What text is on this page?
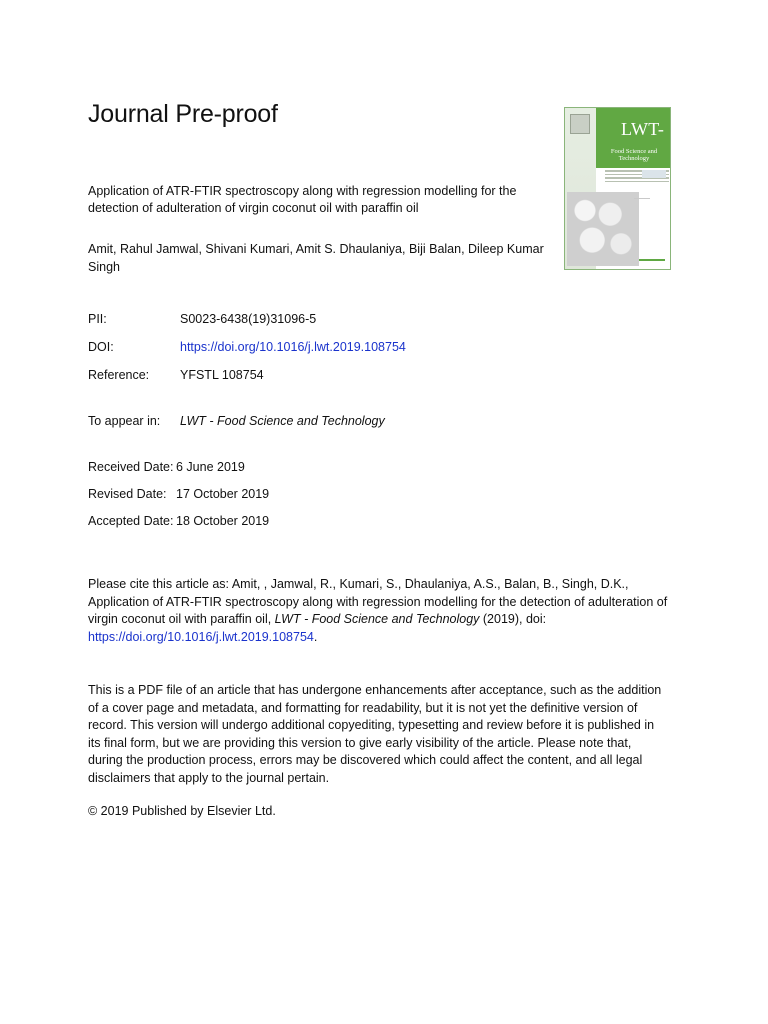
Journal Pre-proof
Application of ATR-FTIR spectroscopy along with regression modelling for the detection of adulteration of virgin coconut oil with paraffin oil
Amit, Rahul Jamwal, Shivani Kumari, Amit S. Dhaulaniya, Biji Balan, Dileep Kumar Singh
LWT-
Food Science and Technology
PII:	S0023-6438(19)31096-5
DOI:	https://doi.org/10.1016/j.lwt.2019.108754
Reference: YFSTL 108754
To appear in: LWT - Food Science and Technology
Received Date: 6 June 2019
Revised Date: 17 October 2019
Accepted Date: 18 October 2019
Please cite this article as: Amit, , Jamwal, R., Kumari, S., Dhaulaniya, A.S., Balan, B., Singh, D.K., Application of ATR-FTIR spectroscopy along with regression modelling for the detection of adulteration of virgin coconut oil with paraffin oil, LWT - Food Science and Technology (2019), doi: https://doi.org/10.1016/j.lwt.2019.108754.
This is a PDF file of an article that has undergone enhancements after acceptance, such as the addition of a cover page and metadata, and formatting for readability, but it is not yet the definitive version of record. This version will undergo additional copyediting, typesetting and review before it is published in its final form, but we are providing this version to give early visibility of the article. Please note that, during the production process, errors may be discovered which could affect the content, and all legal disclaimers that apply to the journal pertain.
© 2019 Published by Elsevier Ltd.
